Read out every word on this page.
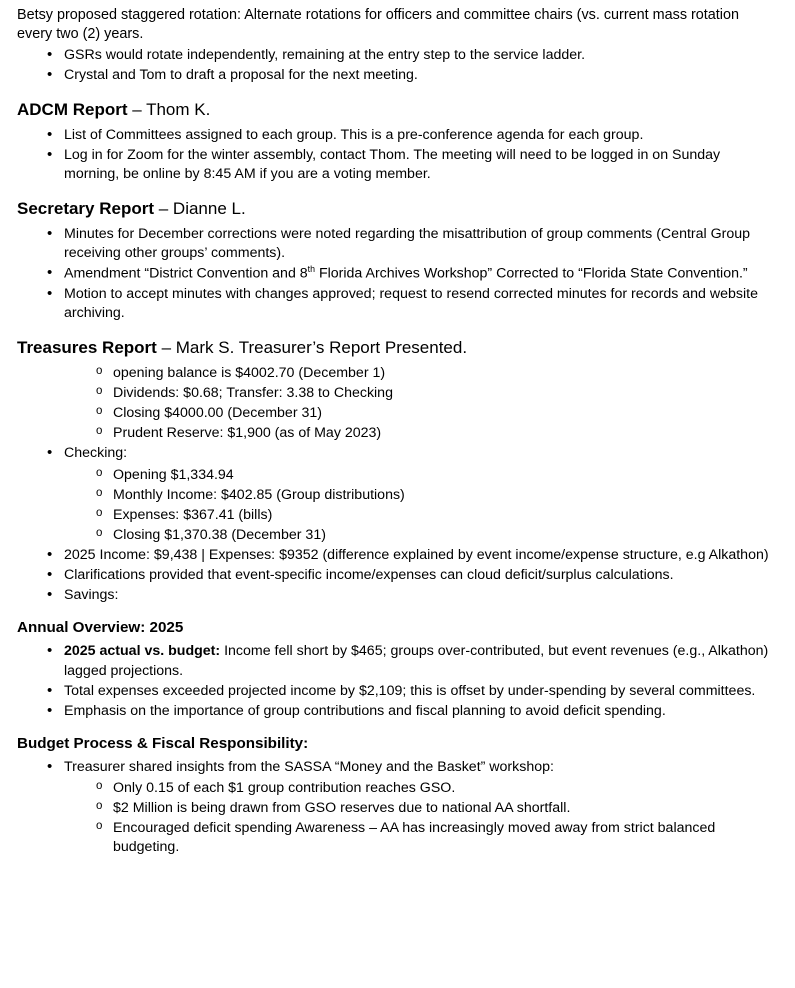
Betsy proposed staggered rotation: Alternate rotations for officers and committee chairs (vs. current mass rotation every two (2) years.

• GSRs would rotate independently, remaining at the entry step to the service ladder.
• Crystal and Tom to draft a proposal for the next meeting.
ADCM Report – Thom K.
• List of Committees assigned to each group. This is a pre-conference agenda for each group.
• Log in for Zoom for the winter assembly, contact Thom. The meeting will need to be logged in on Sunday morning, be online by 8:45 AM if you are a voting member.
Secretary Report – Dianne L.
• Minutes for December corrections were noted regarding the misattribution of group comments (Central Group receiving other groups’ comments).
• Amendment “District Convention and 8th Florida Archives Workshop” Corrected to “Florida State Convention.”
• Motion to accept minutes with changes approved; request to resend corrected minutes for records and website archiving.
Treasures Report – Mark S. Treasurer’s Report Presented.
o opening balance is $4002.70 (December 1)
o Dividends: $0.68; Transfer: 3.38 to Checking
o Closing $4000.00 (December 31)
o Prudent Reserve: $1,900 (as of May 2023)
• Checking:
o Opening $1,334.94
o Monthly Income: $402.85 (Group distributions)
o Expenses: $367.41 (bills)
o Closing $1,370.38 (December 31)
• 2025 Income: $9,438 | Expenses: $9352 (difference explained by event income/expense structure, e.g Alkathon)
• Clarifications provided that event-specific income/expenses can cloud deficit/surplus calculations.
• Savings:
Annual Overview: 2025
• 2025 actual vs. budget: Income fell short by $465; groups over-contributed, but event revenues (e.g., Alkathon) lagged projections.
• Total expenses exceeded projected income by $2,109; this is offset by under-spending by several committees.
• Emphasis on the importance of group contributions and fiscal planning to avoid deficit spending.
Budget Process & Fiscal Responsibility:
• Treasurer shared insights from the SASSA “Money and the Basket” workshop:
o Only 0.15 of each $1 group contribution reaches GSO.
o $2 Million is being drawn from GSO reserves due to national AA shortfall.
o Encouraged deficit spending Awareness – AA has increasingly moved away from strict balanced budgeting.
